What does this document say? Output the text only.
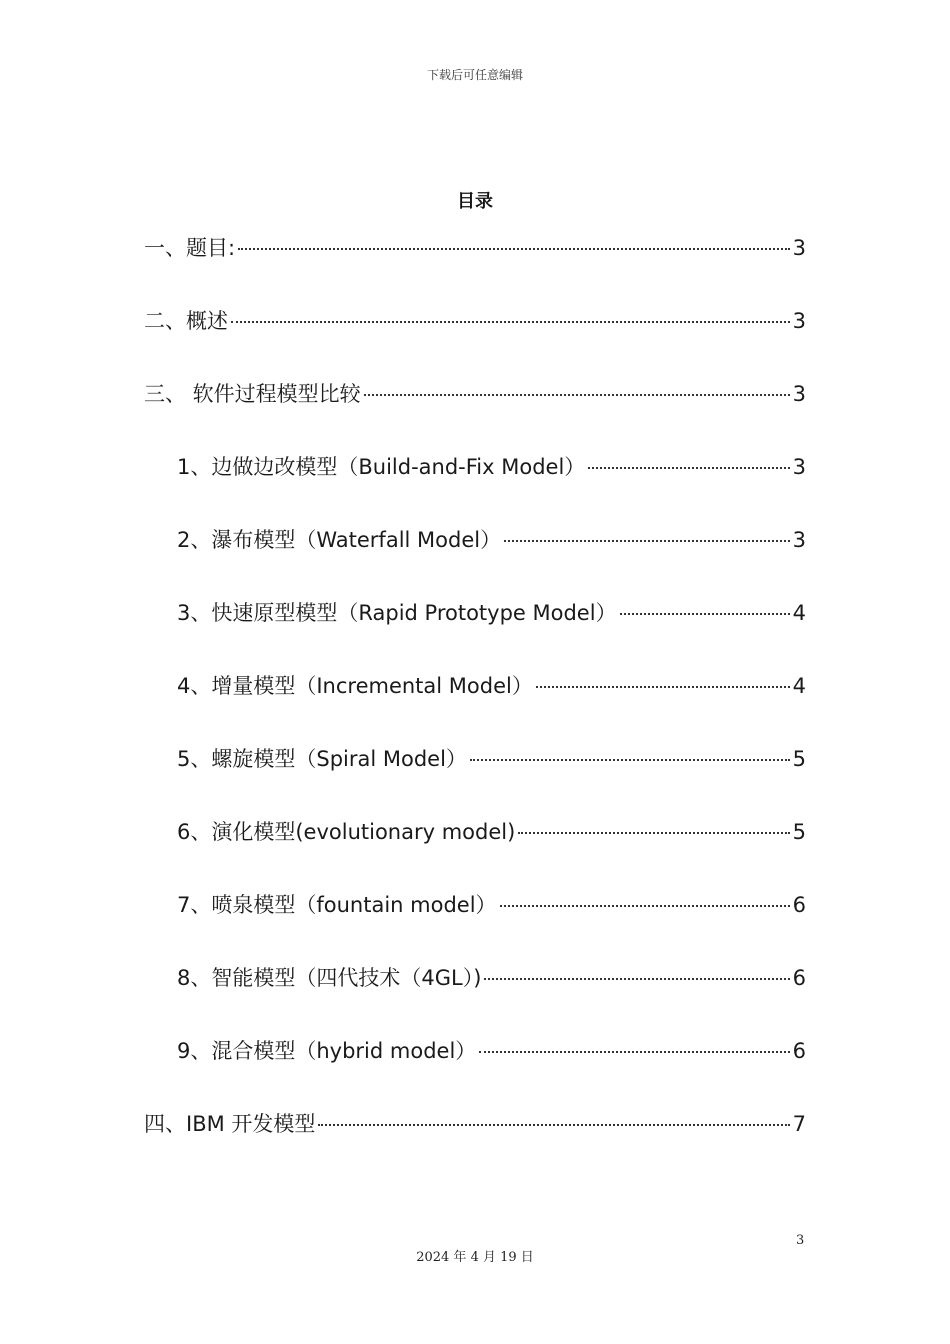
下载后可任意编辑
目录
一、题目:	3
二、概述	3
三、 软件过程模型比较	3
1、边做边改模型（Build-and-Fix Model）	3
2、瀑布模型（Waterfall Model）	3
3、快速原型模型（Rapid Prototype Model）	4
4、增量模型（Incremental Model）	4
5、螺旋模型（Spiral Model）	5
6、演化模型(evolutionary model)	5
7、喷泉模型（fountain model）	6
8、智能模型（四代技术（4GL）)	6
9、混合模型（hybrid model）	6
四、IBM 开发模型	7
3
2024 年 4 月 19 日
